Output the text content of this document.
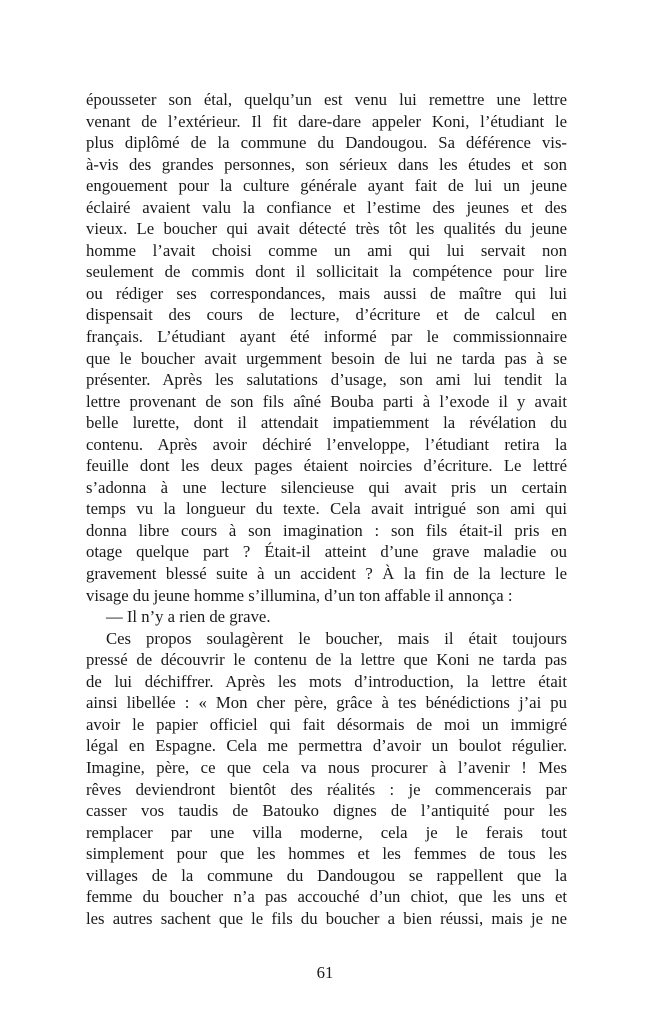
épousseter son étal, quelqu’un est venu lui remettre une lettre
venant de l’extérieur. Il fit dare-dare appeler Koni, l’étudiant le
plus diplômé de la commune du Dandougou. Sa déférence vis-
à-vis des grandes personnes, son sérieux dans les études et son
engouement pour la culture générale ayant fait de lui un jeune
éclairé avaient valu la confiance et l’estime des jeunes et des
vieux. Le boucher qui avait détecté très tôt les qualités du jeune
homme l’avait choisi comme un ami qui lui servait non
seulement de commis dont il sollicitait la compétence pour lire
ou rédiger ses correspondances, mais aussi de maître qui lui
dispensait des cours de lecture, d’écriture et de calcul en
français. L’étudiant ayant été informé par le commissionnaire
que le boucher avait urgemment besoin de lui ne tarda pas à se
présenter. Après les salutations d’usage, son ami lui tendit la
lettre provenant de son fils aîné Bouba parti à l’exode il y avait
belle lurette, dont il attendait impatiemment la révélation du
contenu. Après avoir déchiré l’enveloppe, l’étudiant retira la
feuille dont les deux pages étaient noircies d’écriture. Le lettré
s’adonna à une lecture silencieuse qui avait pris un certain
temps vu la longueur du texte. Cela avait intrigué son ami qui
donna libre cours à son imagination : son fils était-il pris en
otage quelque part ? Était-il atteint d’une grave maladie ou
gravement blessé suite à un accident ? À la fin de la lecture le
visage du jeune homme s’illumina, d’un ton affable il annonça :
— Il n’y a rien de grave.
Ces propos soulagèrent le boucher, mais il était toujours
pressé de découvrir le contenu de la lettre que Koni ne tarda pas
de lui déchiffrer. Après les mots d’introduction, la lettre était
ainsi libellée : « Mon cher père, grâce à tes bénédictions j’ai pu
avoir le papier officiel qui fait désormais de moi un immigré
légal en Espagne. Cela me permettra d’avoir un boulot régulier.
Imagine, père, ce que cela va nous procurer à l’avenir ! Mes
rêves deviendront bientôt des réalités : je commencerais par
casser vos taudis de Batouko dignes de l’antiquité pour les
remplacer par une villa moderne, cela je le ferais tout
simplement pour que les hommes et les femmes de tous les
villages de la commune du Dandougou se rappellent que la
femme du boucher n’a pas accouché d’un chiot, que les uns et
les autres sachent que le fils du boucher a bien réussi, mais je ne
61
